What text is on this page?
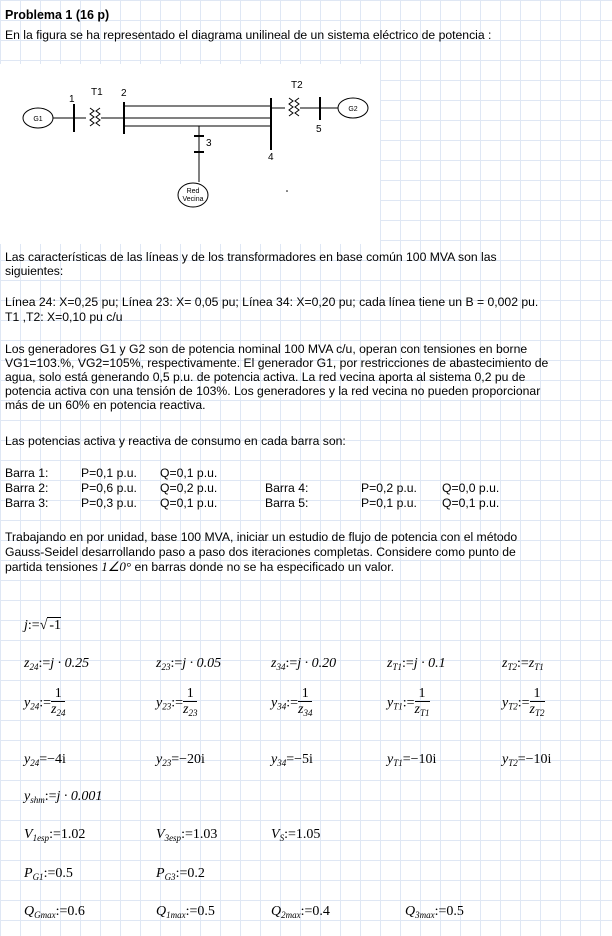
Problema 1 (16 p)
En la figura se ha representado el diagrama unilineal de un sistema eléctrico de potencia :
G1
1
T1 2
3
Red
Vecina
4
T2
5
G2
Las características de las líneas y de los transformadores en base común 100 MVA son las
siguientes:
Línea 24: X=0,25 pu; Línea 23: X= 0,05 pu; Línea 34: X=0,20 pu; cada línea tiene un B = 0,002 pu.
T1 ,T2: X=0,10 pu c/u
Los generadores G1 y G2 son de potencia nominal 100 MVA c/u, operan con tensiones en borne
VG1=103.%, VG2=105%, respectivamente. El generador G1, por restricciones de abastecimiento de
agua, solo está generando 0,5 p.u. de potencia activa. La red vecina aporta al sistema 0,2 pu de
potencia activa con una tensión de 103%. Los generadores y la red vecina no pueden proporcionar
más de un 60% en potencia reactiva.
Las potencias activa y reactiva de consumo en cada barra son:
Barra 1:	P=0,1 p.u. Q=0,1 p.u.
Barra 2:	P=0,6 p.u. Q=0,2 p.u.
Barra 3:	P=0,3 p.u. Q=0,1 p.u.
Barra 4:	P=0,2 p.u. Q=0,0 p.u.
Barra 5:	P=0,1 p.u. Q=0,1 p.u.
Trabajando en por unidad, base 100 MVA, iniciar un estudio de flujo de potencia con el método
Gauss-Seidel desarrollando paso a paso dos iteraciones completas. Considere como punto de
partida tensiones 1∠0° en barras donde no se ha especificado un valor.
j:=√ -1
$z_{24}:=j \cdot 0.25$	$z_{23}:=j \cdot 0.05$	$z_{34}:=j \cdot 0.20$	$z_{T1}:=j \cdot 0.1$	$z_{T2}:=z_{T1}$
$y_{24}:= \frac{1}{z_{24}}$	$y_{23}:= \frac{1}{z_{23}}$	$y_{34}:= \frac{1}{z_{34}}$	$y_{T1}:= \frac{1}{z_{T1}}$	$y_{T2}:= \frac{1}{z_{T2}}$
$y_{24}=-4i$	$y_{23}=-20i$	$y_{34}=-5i$	$y_{T1}=-10i$	$y_{T2}=-10i$
$y_{shm}:=j \cdot 0.001$
$V_{1esp}:=1.02$	$V_{3esp}:=1.03$	$V_S:=1.05$
$P_{G1}:=0.5$	$P_{G3}:=0.2$
$Q_{Gmax}:=0.6$	$Q_{1max}:=0.5$	$Q_{2max}:=0.4$	$Q_{3max}:=0.5$
